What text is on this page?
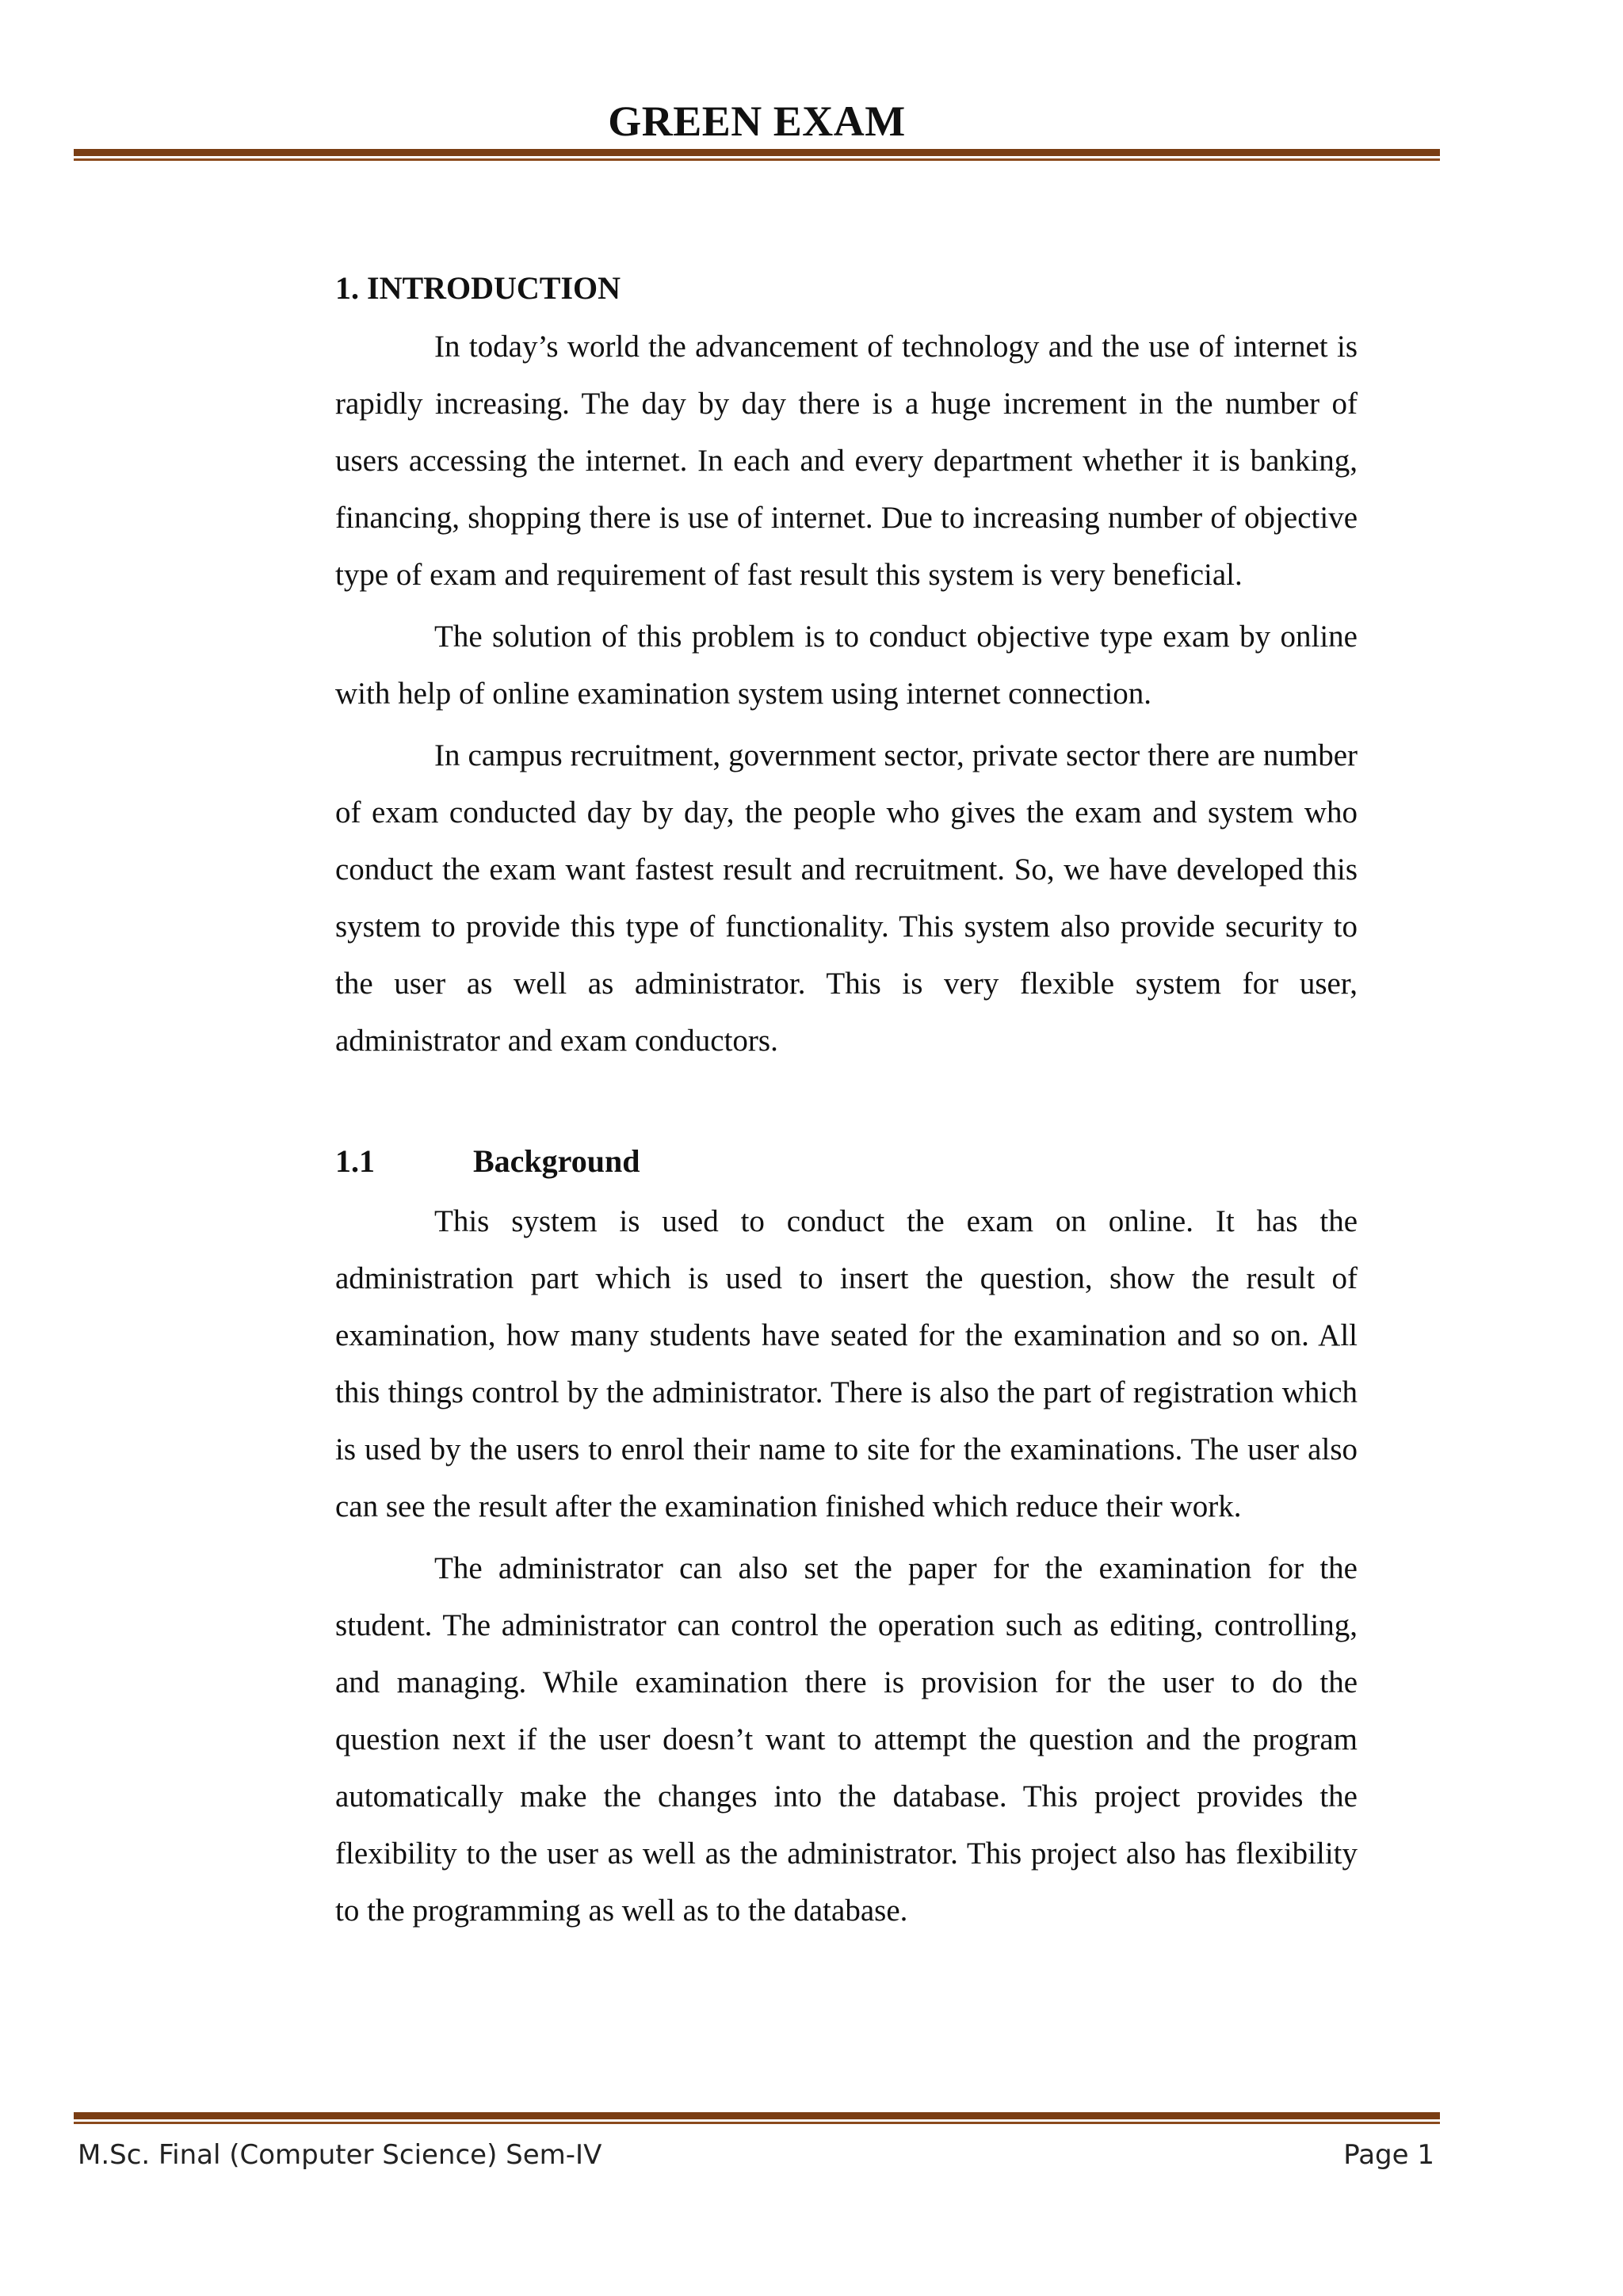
GREEN EXAM
1. INTRODUCTION

In today’s world the advancement of technology and the use of internet is rapidly increasing. The day by day there is a huge increment in the number of users accessing the internet. In each and every department whether it is banking, financing, shopping there is use of internet. Due to increasing number of objective type of exam and requirement of fast result this system is very beneficial.

The solution of this problem is to conduct objective type exam by online with help of online examination system using internet connection.

In campus recruitment, government sector, private sector there are number of exam conducted day by day, the people who gives the exam and system who conduct the exam want fastest result and recruitment. So, we have developed this system to provide this type of functionality. This system also provide security to the user as well as administrator. This is very flexible system for user, administrator and exam conductors.

1.1	Background

This system is used to conduct the exam on online. It has the administration part which is used to insert the question, show the result of examination, how many students have seated for the examination and so on. All this things control by the administrator. There is also the part of registration which is used by the users to enrol their name to site for the examinations. The user also can see the result after the examination finished which reduce their work.

The administrator can also set the paper for the examination for the student. The administrator can control the operation such as editing, controlling, and managing. While examination there is provision for the user to do the question next if the user doesn’t want to attempt the question and the program automatically make the changes into the database. This project provides the flexibility to the user as well as the administrator. This project also has flexibility to the programming as well as to the database.

M.Sc. Final (Computer Science) Sem-IV	Page 1
